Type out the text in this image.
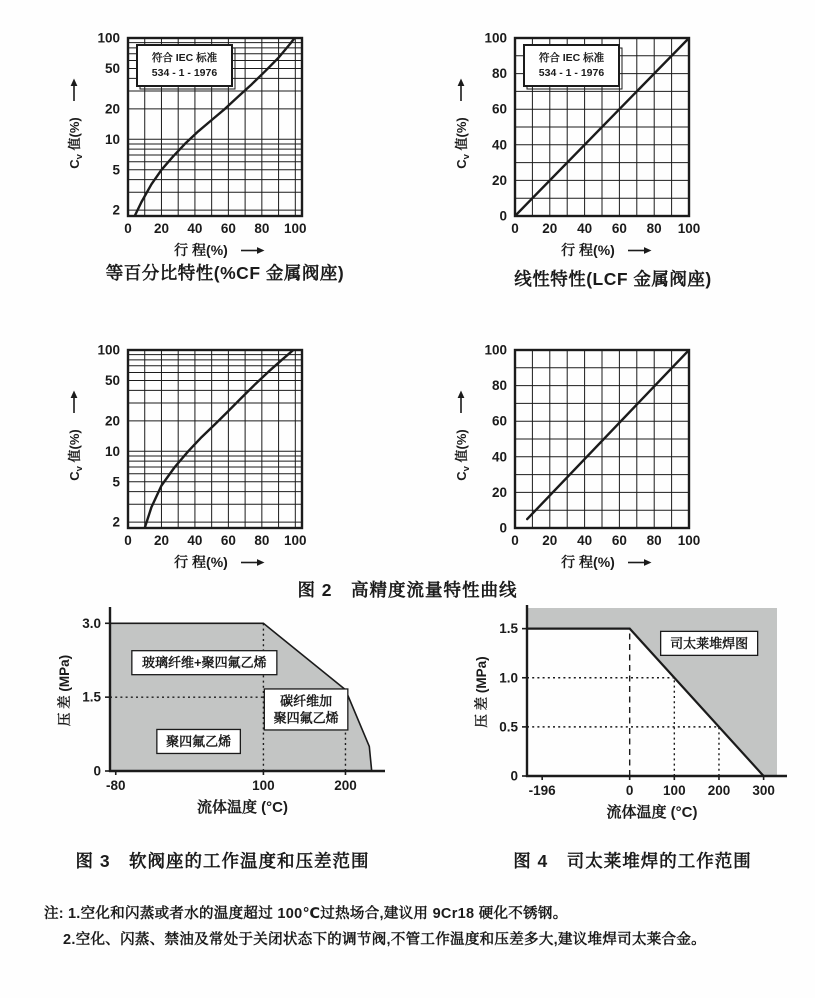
符合 IEC 标准
534 - 1 - 1976
2
5
10
20
50
100
0 20 40 60 80 100
行 程(%)
$C_v$ 值(%)
符合 IEC 标准
534 - 1 - 1976
0
20
40
60
80
100
0 20 40 60 80 100
行 程(%)
$C_v$ 值(%)
等百分比特性(%CF 金属阀座)	线性特性(LCF 金属阀座)
2
5
10
20
50
100
0 20 40 60 80 100
行 程(%)
$C_v$ 值(%)
0
20
40
60
80
100
0 20 40 60 80 100
行 程(%)
$C_v$ 值(%)
图 2　高精度流量特性曲线
0
1.5
3.0
-80	100	200
玻璃纤维+聚四氟乙烯
碳纤维加
聚四氟乙烯
聚四氟乙烯
流体温度 (°C)
压 差 (MPa)
0
0.5
1.0
1.5
-196	0 100 200 300
司太莱堆焊图
流体温度 (°C)
压 差 (MPa)
图 3　软阀座的工作温度和压差范围	图 4　司太莱堆焊的工作范围
注: 1.空化和闪蒸或者水的温度超过 100℃过热场合,建议用 9Cr18 硬化不锈钢。
2.空化、闪蒸、禁油及常处于关闭状态下的调节阀,不管工作温度和压差多大,建议堆焊司太莱合金。
